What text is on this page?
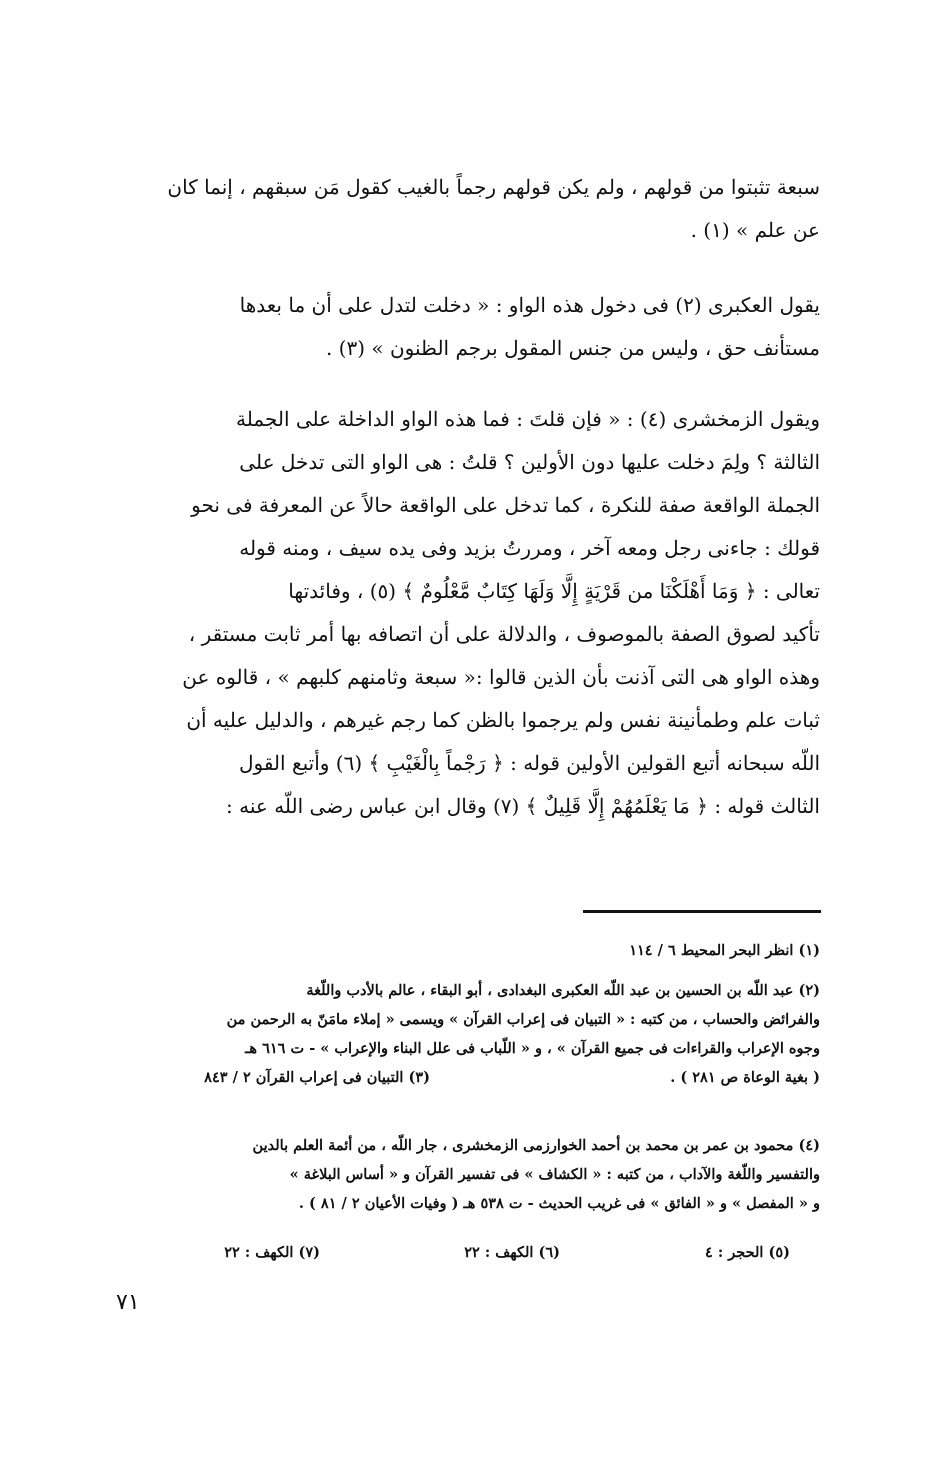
سبعة تثبتوا من قولهم ، ولم يكن قولهم رجماً بالغيب كقول مَن سبقهم ، إنما كان
عن علم » (١) .

يقول العكبرى (٢) فى دخول هذه الواو : « دخلت لتدل على أن ما بعدها
مستأنف حق ، وليس من جنس المقول برجم الظنون » (٣) .

ويقول الزمخشرى (٤) : « فإن قلتَ : فما هذه الواو الداخلة على الجملة
الثالثة ؟ ولِمَ دخلت عليها دون الأولين ؟ قلتُ : هى الواو التى تدخل على
الجملة الواقعة صفة للنكرة ، كما تدخل على الواقعة حالاً عن المعرفة فى نحو
قولك : جاءنى رجل ومعه آخر ، ومررتُ بزيد وفى يده سيف ، ومنه قوله
تعالى : ﴿ وَمَا أَهْلَكْنَا من قَرْيَةٍ إِلَّا وَلَهَا كِتَابٌ مَّعْلُومٌ ﴾ (٥) ، وفائدتها
تأكيد لصوق الصفة بالموصوف ، والدلالة على أن اتصافه بها أمر ثابت مستقر ،
وهذه الواو هى التى آذنت بأن الذين قالوا :« سبعة وثامنهم كلبهم » ، قالوه عن
ثبات علم وطمأنينة نفس ولم يرجموا بالظن كما رجم غيرهم ، والدليل عليه أن
اللّه سبحانه أتبع القولين الأولين قوله : ﴿ رَجْماً بِالْغَيْبِ ﴾ (٦) وأتبع القول
الثالث قوله : ﴿ مَا يَعْلَمُهُمْ إِلَّا قَلِيلٌ ﴾ (٧) وقال ابن عباس رضى اللّه عنه :

(١) انظر البحر المحيط ٦ / ١١٤

(٢) عبد اللّه بن الحسين بن عبد اللّه العكبرى البغدادى ، أبو البقاء ، عالم بالأدب واللّغة

والفرائض والحساب ، من كتبه : « التبيان فى إعراب القرآن » ويسمى « إملاء مامَنّ به الرحمن من

وجوه الإعراب والقراءات فى جميع القرآن » ، و « اللّباب فى علل البناء والإعراب » - ت ٦١٦ هـ

( بغية الوعاة ص ٢٨١ ) .
(٣) التبيان فى إعراب القرآن ٢ / ٨٤٣

(٤) محمود بن عمر بن محمد بن أحمد الخوارزمى الزمخشرى ، جار اللّه ، من أئمة العلم بالدين

والتفسير واللّغة والآداب ، من كتبه : « الكشاف » فى تفسير القرآن و « أساس البلاغة »

و « المفصل » و « الفائق » فى غريب الحديث - ت ٥٣٨ هـ ( وفيات الأعيان ٢ / ٨١ ) .

(٥) الحجر : ٤
(٦) الكهف : ٢٢
(٧) الكهف : ٢٢
٧١
